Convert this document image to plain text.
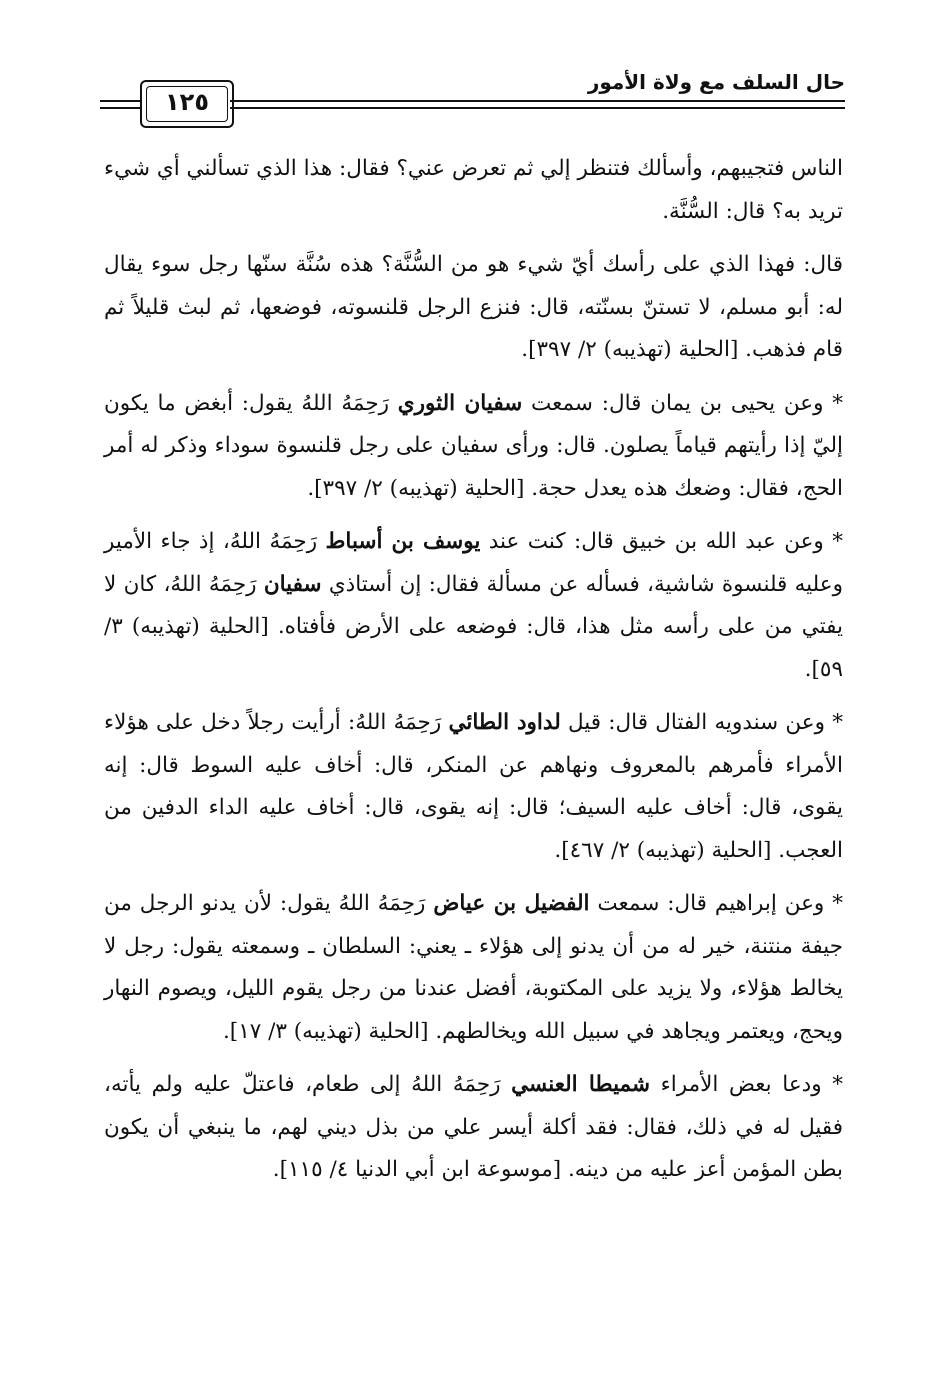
١٢٥
حال السلف مع ولاة الأمور

الناس فتجيبهم، وأسألك فتنظر إلي ثم تعرض عني؟ فقال: هذا الذي تسألني أي شيء تريد به؟ قال: السُّنَّة.

قال: فهذا الذي على رأسك أيّ شيء هو من السُّنَّة؟ هذه سُنَّة سنّها رجل سوء يقال له: أبو مسلم، لا تستنّ بسنّته، قال: فنزع الرجل قلنسوته، فوضعها، ثم لبث قليلاً ثم قام فذهب. [الحلية (تهذيبه) ٢/ ٣٩٧].

* وعن يحيى بن يمان قال: سمعت سفيان الثوري رَحِمَهُ اللهُ يقول: أبغض ما يكون إليّ إذا رأيتهم قياماً يصلون. قال: ورأى سفيان على رجل قلنسوة سوداء وذكر له أمر الحج، فقال: وضعك هذه يعدل حجة. [الحلية (تهذيبه) ٢/ ٣٩٧].

* وعن عبد الله بن خبيق قال: كنت عند يوسف بن أسباط رَحِمَهُ اللهُ، إذ جاء الأمير وعليه قلنسوة شاشية، فسأله عن مسألة فقال: إن أستاذي سفيان رَحِمَهُ اللهُ، كان لا يفتي من على رأسه مثل هذا، قال: فوضعه على الأرض فأفتاه. [الحلية (تهذيبه) ٣/ ٥٩].

* وعن سندويه الفتال قال: قيل لداود الطائي رَحِمَهُ اللهُ: أرأيت رجلاً دخل على هؤلاء الأمراء فأمرهم بالمعروف ونهاهم عن المنكر، قال: أخاف عليه السوط قال: إنه يقوى، قال: أخاف عليه السيف؛ قال: إنه يقوى، قال: أخاف عليه الداء الدفين من العجب. [الحلية (تهذيبه) ٢/ ٤٦٧].

* وعن إبراهيم قال: سمعت الفضيل بن عياض رَحِمَهُ اللهُ يقول: لأن يدنو الرجل من جيفة منتنة، خير له من أن يدنو إلى هؤلاء ـ يعني: السلطان ـ وسمعته يقول: رجل لا يخالط هؤلاء، ولا يزيد على المكتوبة، أفضل عندنا من رجل يقوم الليل، ويصوم النهار ويحج، ويعتمر ويجاهد في سبيل الله ويخالطهم. [الحلية (تهذيبه) ٣/ ١٧].

* ودعا بعض الأمراء شميطا العنسي رَحِمَهُ اللهُ إلى طعام، فاعتلّ عليه ولم يأته، فقيل له في ذلك، فقال: فقد أكلة أيسر علي من بذل ديني لهم، ما ينبغي أن يكون بطن المؤمن أعز عليه من دينه. [موسوعة ابن أبي الدنيا ٤/ ١١٥].
